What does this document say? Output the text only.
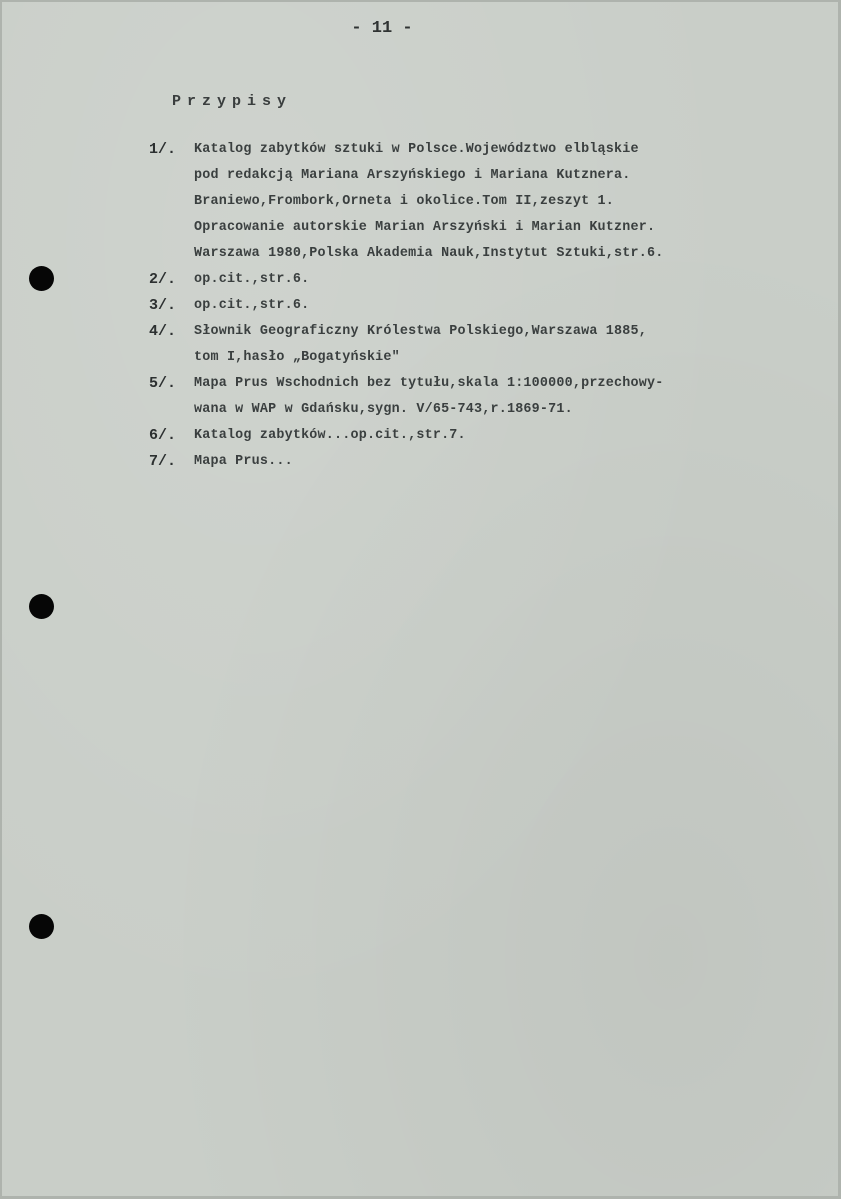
- 11 -
Przypisy
1/. Katalog zabytków sztuki w Polsce.Województwo elbląskie
pod redakcją Mariana Arszyńskiego i Mariana Kutznera.
Braniewo,Frombork,Orneta i okolice.Tom II,zeszyt 1.
Opracowanie autorskie Marian Arszyński i Marian Kutzner.
Warszawa 1980,Polska Akademia Nauk,Instytut Sztuki,str.6.
2/. op.cit.,str.6.
3/. op.cit.,str.6.
4/. Słownik Geograficzny Królestwa Polskiego,Warszawa 1885,
tom I,hasło „Bogatyńskie"
5/. Mapa Prus Wschodnich bez tytułu,skala 1:100000,przechowy-
wana w WAP w Gdańsku,sygn. V/65-743,r.1869-71.
6/. Katalog zabytków...op.cit.,str.7.
7/. Mapa Prus...
